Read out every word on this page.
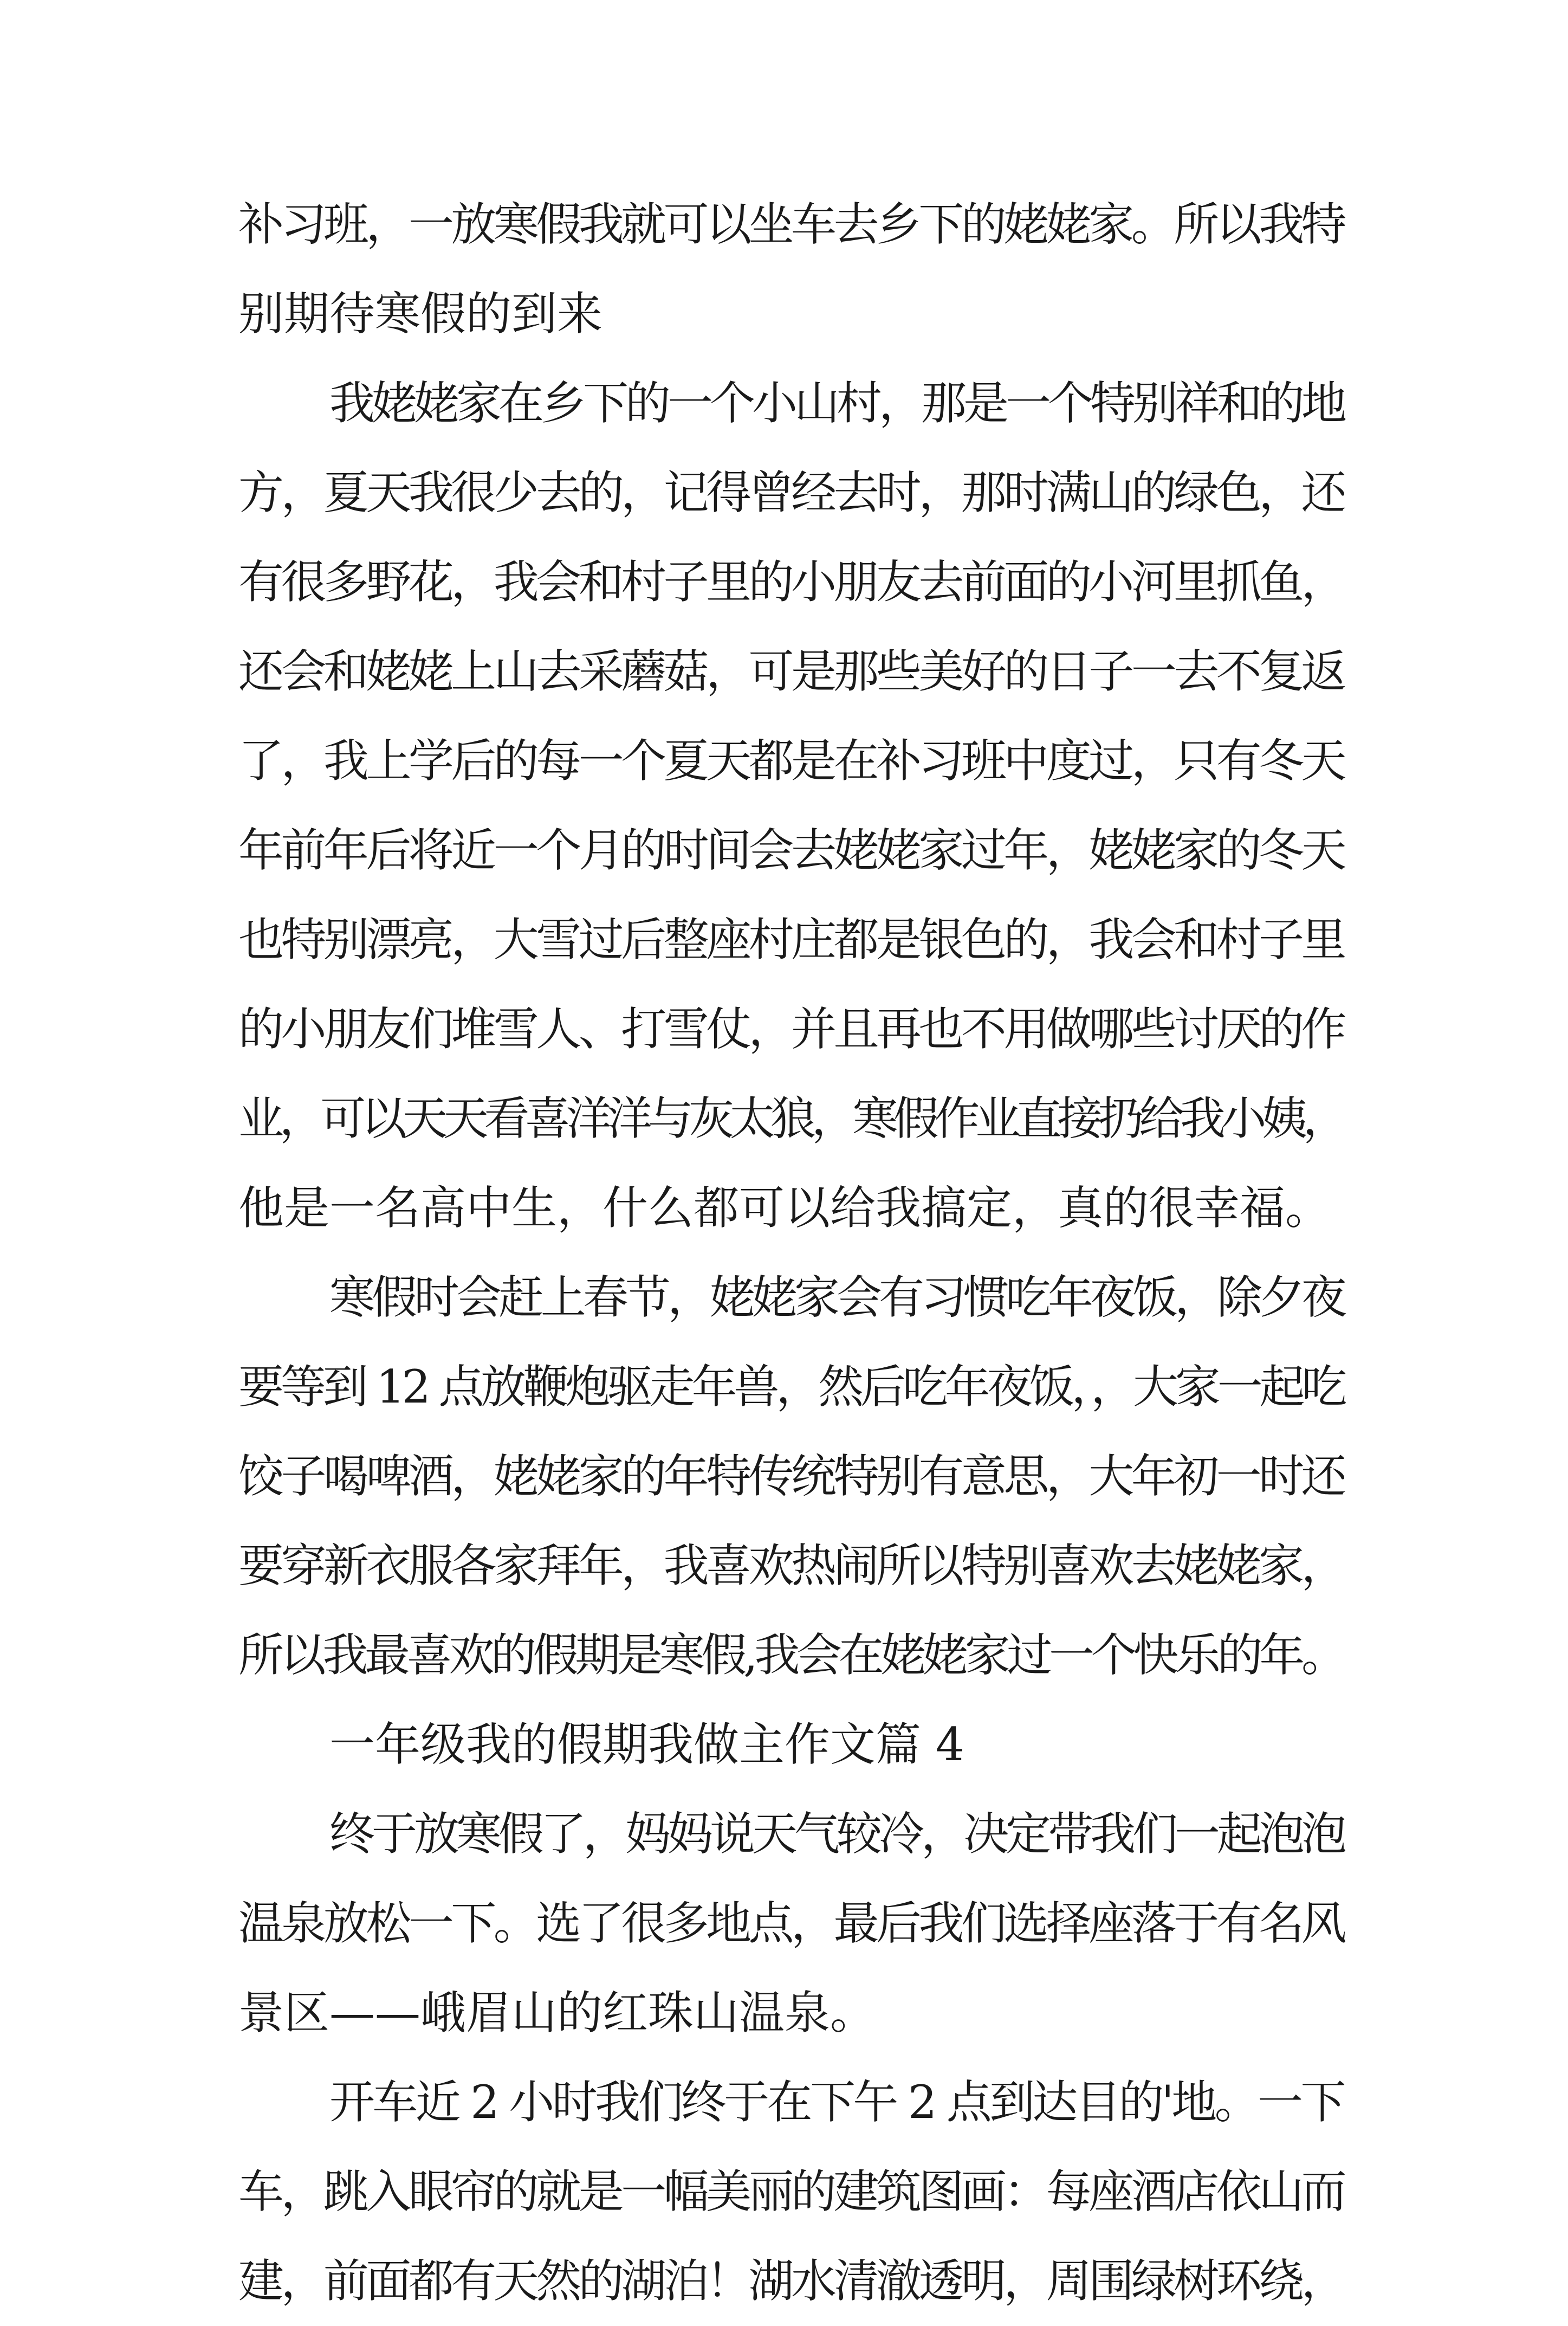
补习班，一放寒假我就可以坐车去乡下的姥姥家。所以我特
别期待寒假的到来
我姥姥家在乡下的一个小山村，那是一个特别祥和的地
方，夏天我很少去的，记得曾经去时，那时满山的绿色，还
有很多野花，我会和村子里的小朋友去前面的小河里抓鱼，
还会和姥姥上山去采蘑菇，可是那些美好的日子一去不复返
了，我上学后的每一个夏天都是在补习班中度过，只有冬天
年前年后将近一个月的时间会去姥姥家过年，姥姥家的冬天
也特别漂亮，大雪过后整座村庄都是银色的，我会和村子里
的小朋友们堆雪人、打雪仗，并且再也不用做哪些讨厌的作
业，可以天天看喜洋洋与灰太狼，寒假作业直接扔给我小姨，
他是一名高中生，什么都可以给我搞定，真的很幸福。
寒假时会赶上春节，姥姥家会有习惯吃年夜饭，除夕夜
要等到 12 点放鞭炮驱走年兽，然后吃年夜饭，，大家一起吃
饺子喝啤酒，姥姥家的年特传统特别有意思，大年初一时还
要穿新衣服各家拜年，我喜欢热闹所以特别喜欢去姥姥家，
所以我最喜欢的假期是寒假,我会在姥姥家过一个快乐的年。
一年级我的假期我做主作文篇 4
终于放寒假了，妈妈说天气较冷，决定带我们一起泡泡
温泉放松一下。选了很多地点，最后我们选择座落于有名风
景区——峨眉山的红珠山温泉。
开车近 2 小时我们终于在下午 2 点到达目的'地。一下
车，跳入眼帘的就是一幅美丽的建筑图画：每座酒店依山而
建，前面都有天然的湖泊！湖水清澈透明，周围绿树环绕，
